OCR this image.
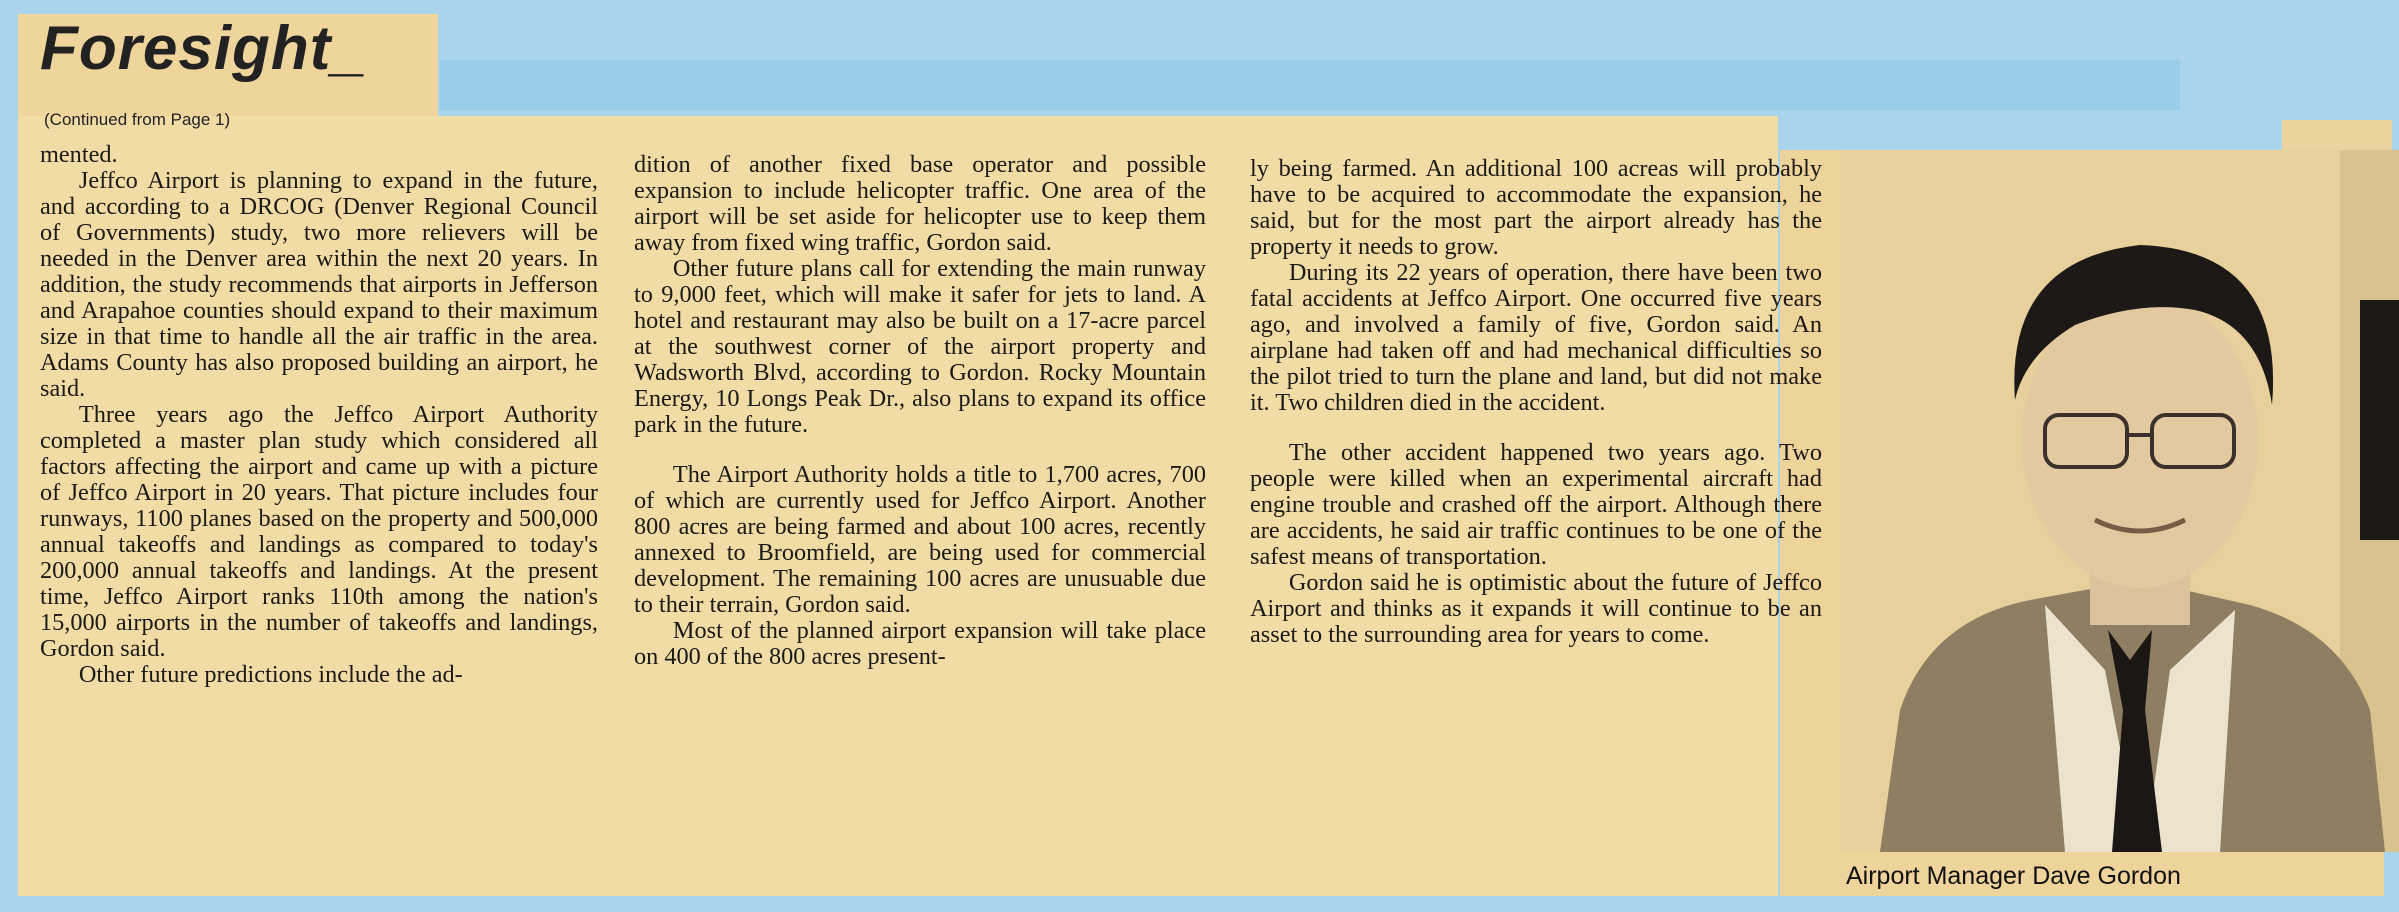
Foresight_
(Continued from Page 1)

mented.

Jeffco Airport is planning to expand in the future, and according to a DRCOG (Denver Regional Council of Governments) study, two more relievers will be needed in the Denver area within the next 20 years. In addition, the study recommends that airports in Jefferson and Arapahoe counties should expand to their maximum size in that time to handle all the air traffic in the area. Adams County has also proposed building an airport, he said.

Three years ago the Jeffco Airport Authority completed a master plan study which considered all factors affecting the airport and came up with a picture of Jeffco Airport in 20 years. That picture includes four runways, 1100 planes based on the property and 500,000 annual takeoffs and landings as compared to today's 200,000 annual takeoffs and landings. At the present time, Jeffco Airport ranks 110th among the nation's 15,000 airports in the number of takeoffs and landings, Gordon said.

Other future predictions include the ad-

dition of another fixed base operator and possible expansion to include helicopter traffic. One area of the airport will be set aside for helicopter use to keep them away from fixed wing traffic, Gordon said.

Other future plans call for extending the main runway to 9,000 feet, which will make it safer for jets to land. A hotel and restaurant may also be built on a 17-acre parcel at the southwest corner of the airport property and Wadsworth Blvd, according to Gordon. Rocky Mountain Energy, 10 Longs Peak Dr., also plans to expand its office park in the future.

The Airport Authority holds a title to 1,700 acres, 700 of which are currently used for Jeffco Airport. Another 800 acres are being farmed and about 100 acres, recently annexed to Broomfield, are being used for commercial development. The remaining 100 acres are unusuable due to their terrain, Gordon said.

Most of the planned airport expansion will take place on 400 of the 800 acres present-

ly being farmed. An additional 100 acreas will probably have to be acquired to accommodate the expansion, he said, but for the most part the airport already has the property it needs to grow.

During its 22 years of operation, there have been two fatal accidents at Jeffco Airport. One occurred five years ago, and involved a family of five, Gordon said. An airplane had taken off and had mechanical difficulties so the pilot tried to turn the plane and land, but did not make it. Two children died in the accident.

The other accident happened two years ago. Two people were killed when an experimental aircraft had engine trouble and crashed off the airport. Although there are accidents, he said air traffic continues to be one of the safest means of transportation.

Gordon said he is optimistic about the future of Jeffco Airport and thinks as it expands it will continue to be an asset to the surrounding area for years to come.

Airport Manager Dave Gordon
